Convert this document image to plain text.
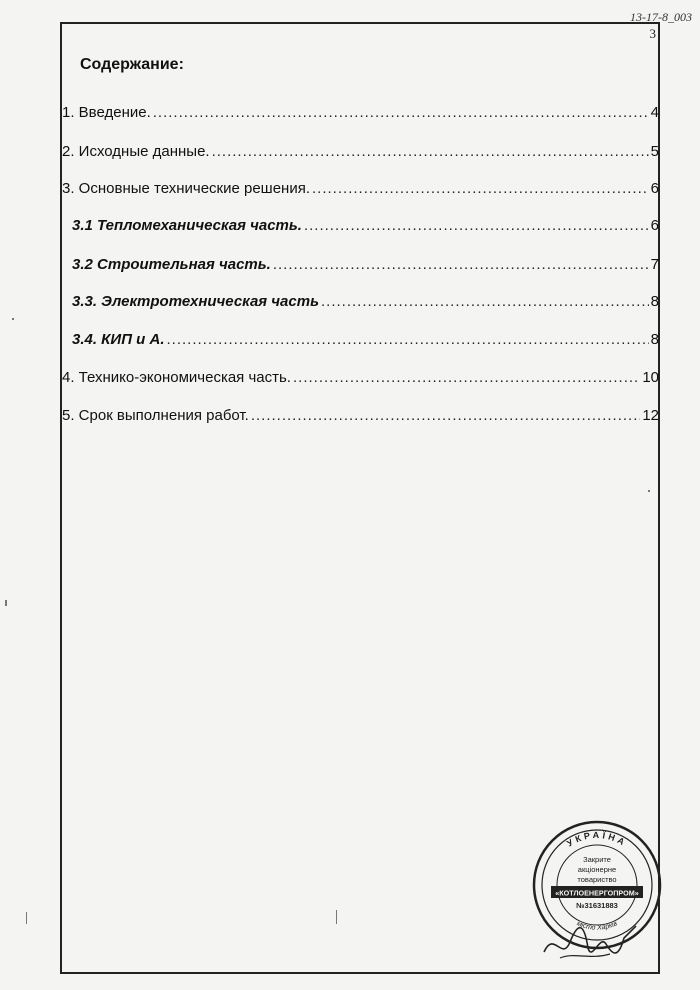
13-17-8_003
3
Содержание:
1. Введение. .....	4
2. Исходные данные. .....	5
3. Основные технические решения. .....	6
3.1 Тепломеханическая часть. .....	6
3.2 Строительная часть. .....	7
3.3. Электротехническая часть .....	8
3.4. КИП и А. .....	8
4. Технико-экономическая часть. .....	10
5. Срок выполнения работ. .....	12
УКРАЇНА
місто Харків
Закрите
акціонерне
товариство
«КОТЛОЕНЕРГОПРОМ»
№31631883
